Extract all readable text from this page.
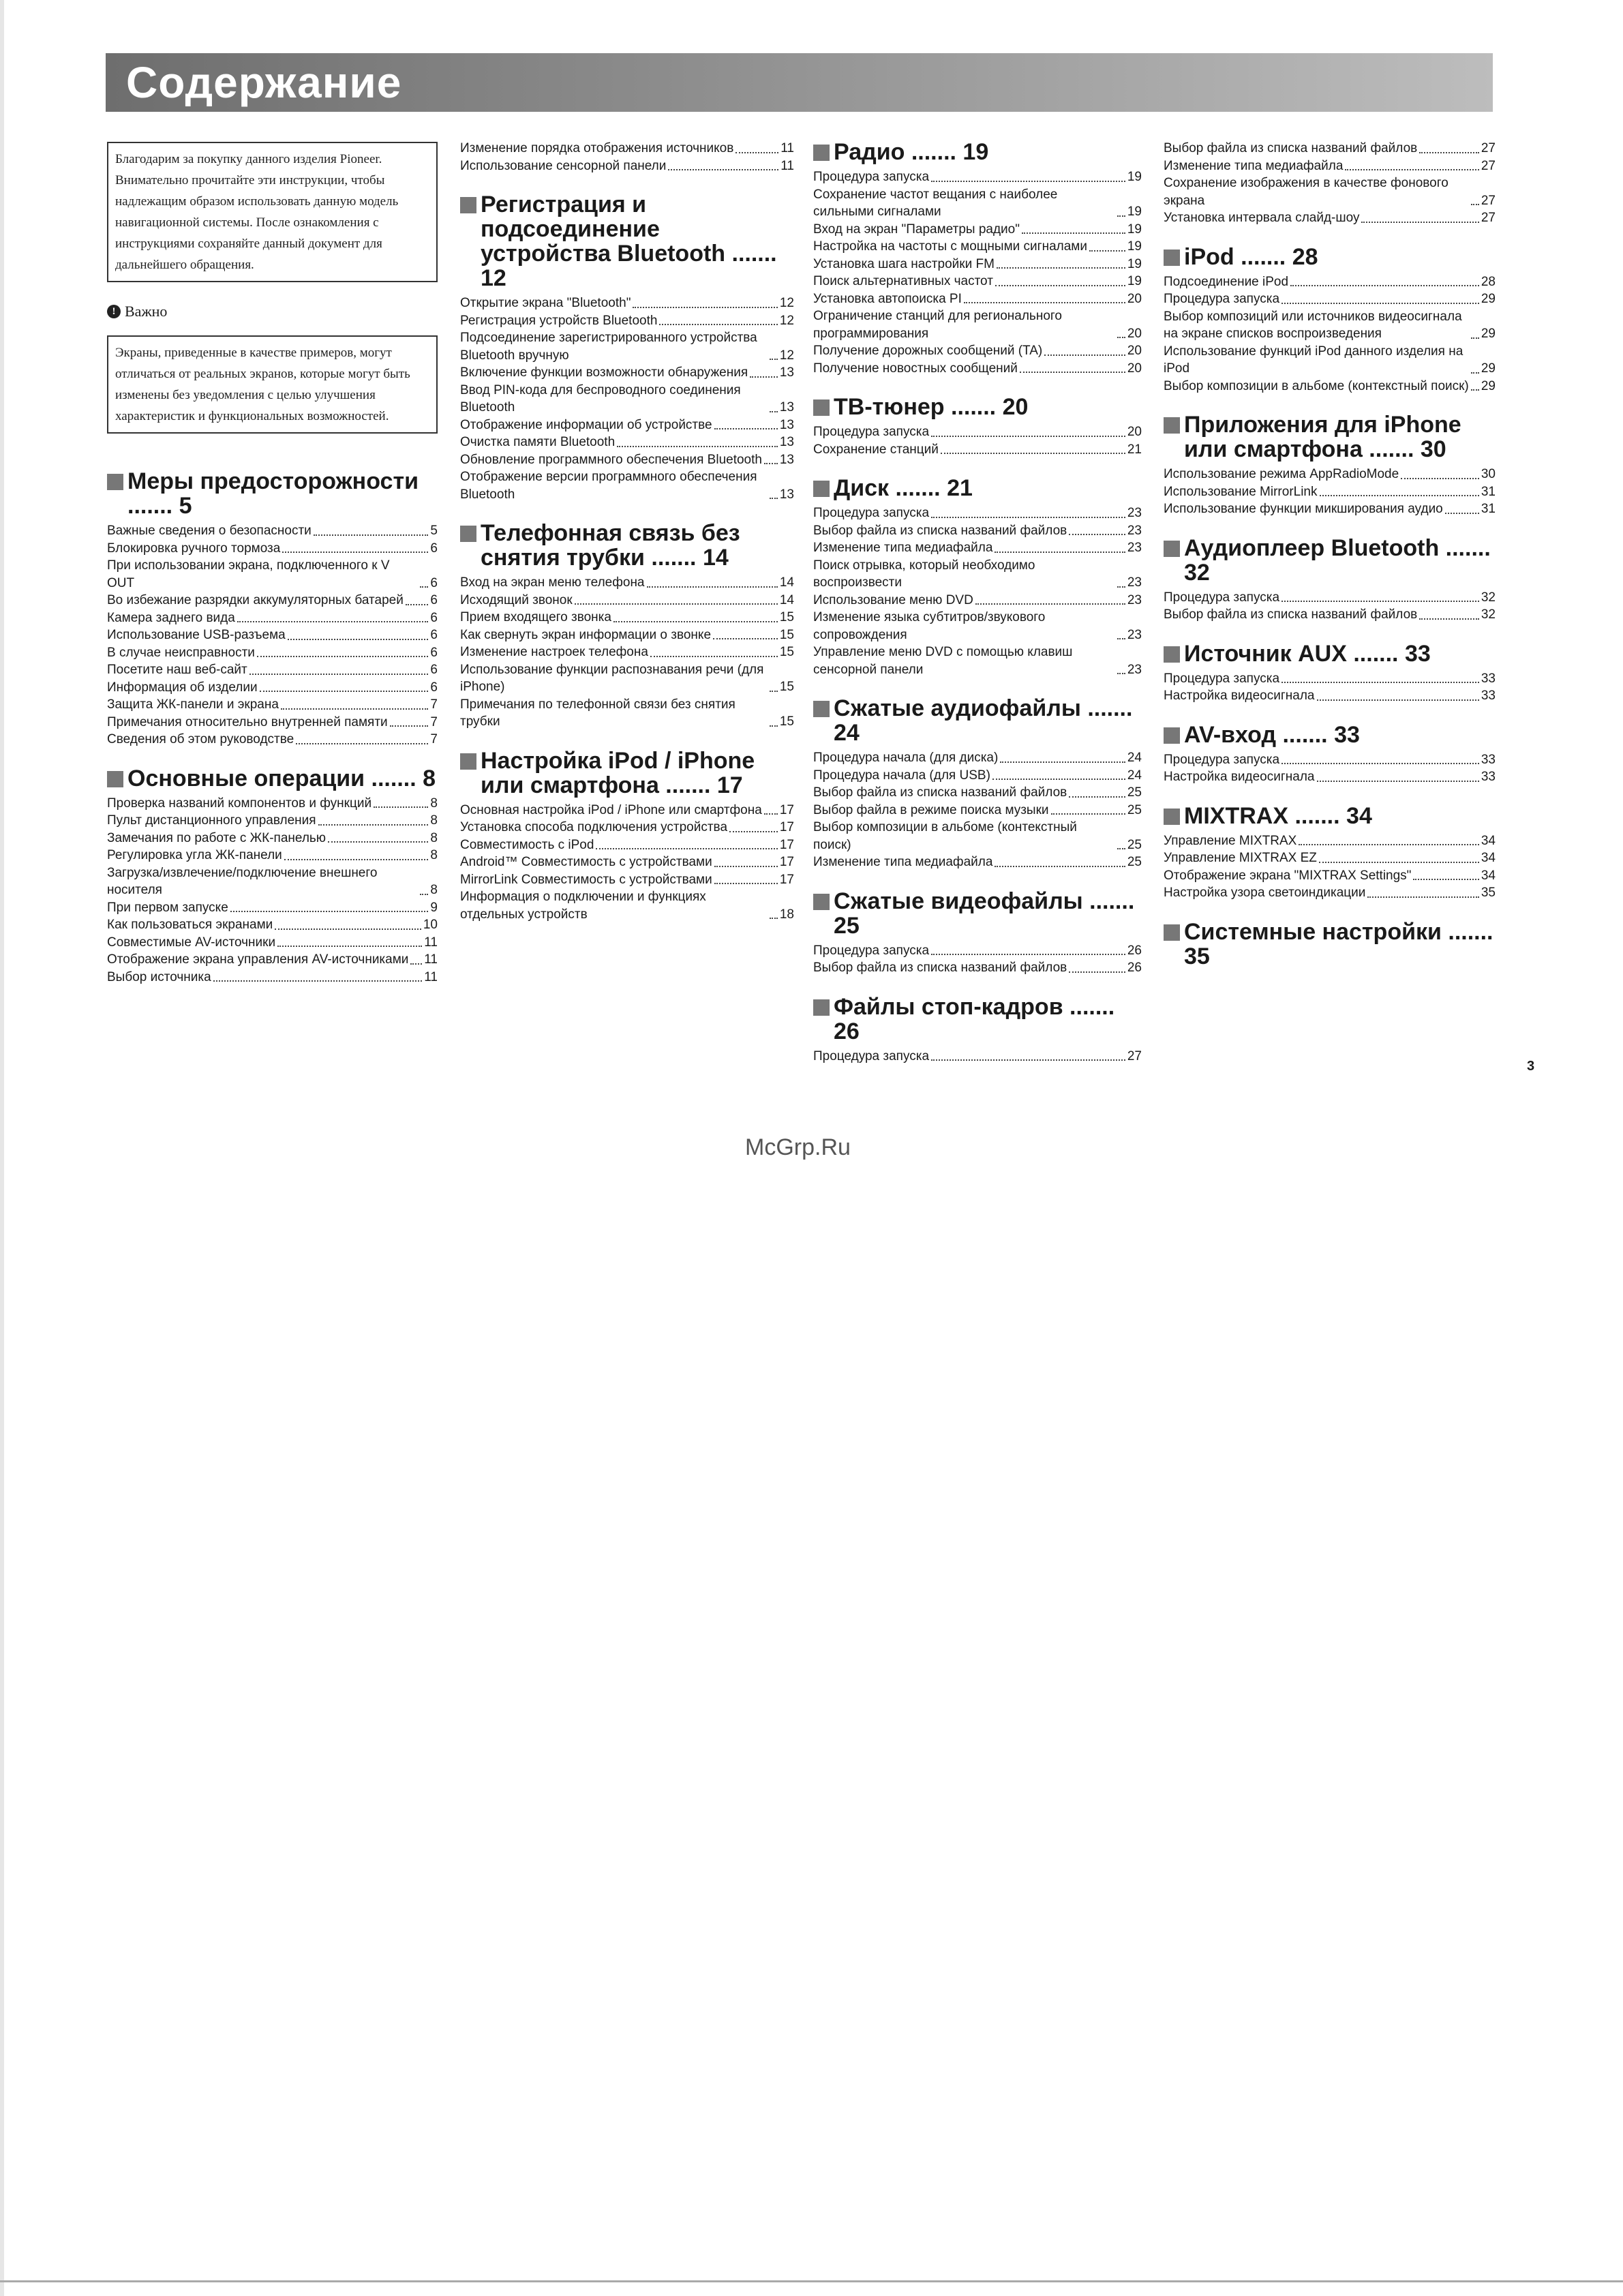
Содержание
Благодарим за покупку данного изделия Pioneer. Внимательно прочитайте эти инструкции, чтобы надлежащим образом использовать данную модель навигационной системы. После ознакомления с инструкциями сохраняйте данный документ для дальнейшего обращения.
! Важно
Экраны, приведенные в качестве примеров, могут отличаться от реальных экранов, которые могут быть изменены без уведомления с целью улучшения характеристик и функциональных возможностей.
Меры предосторожности ....... 5
Важные сведения о безопасности	5
Блокировка ручного тормоза	6
При использовании экрана, подключенного к V OUT	6
Во избежание разрядки аккумуляторных батарей 6
Камера заднего вида	6
Использование USB-разъема	6
В случае неисправности	6
Посетите наш веб-сайт	6
Информация об изделии	6
Защита ЖК-панели и экрана	7
Примечания относительно внутренней памяти	7
Сведения об этом руководстве	7
Основные операции ....... 8
Проверка названий компонентов и функций	8
Пульт дистанционного управления	8
Замечания по работе с ЖК-панелью	8
Регулировка угла ЖК-панели	8
Загрузка/извлечение/подключение внешнего носителя	8
При первом запуске	9
Как пользоваться экранами	10
Совместимые AV-источники	11
Отображение экрана управления AV-источниками 11
Выбор источника	11
Изменение порядка отображения источников	11
Использование сенсорной панели	11
Регистрация и подсоединение устройства Bluetooth ....... 12
Открытие экрана "Bluetooth"	12
Регистрация устройств Bluetooth	12
Подсоединение зарегистрированного устройства Bluetooth вручную	12
Включение функции возможности обнаружения 13
Ввод PIN-кода для беспроводного соединения Bluetooth	13
Отображение информации об устройстве	13
Очистка памяти Bluetooth	13
Обновление программного обеспечения Bluetooth 13
Отображение версии программного обеспечения Bluetooth	13
Телефонная связь без снятия трубки ....... 14
Вход на экран меню телефона	14
Исходящий звонок	14
Прием входящего звонка	15
Как свернуть экран информации о звонке	15
Изменение настроек телефона	15
Использование функции распознавания речи (для iPhone)	15
Примечания по телефонной связи без снятия трубки	15
Настройка iPod / iPhone или смартфона ....... 17
Основная настройка iPod / iPhone или смартфона 17
Установка способа подключения устройства	17
Совместимость с iPod	17
Android™ Совместимость с устройствами	17
MirrorLink Совместимость с устройствами	17
Информация о подключении и функциях отдельных устройств	18
Радио ....... 19
Процедура запуска	19
Сохранение частот вещания с наиболее сильными сигналами	19
Вход на экран "Параметры радио"	19
Настройка на частоты с мощными сигналами	19
Установка шага настройки FM	19
Поиск альтернативных частот	19
Установка автопоиска PI	20
Ограничение станций для регионального программирования	20
Получение дорожных сообщений (TA)	20
Получение новостных сообщений	20
ТВ-тюнер ....... 20
Процедура запуска	20
Сохранение станций	21
Диск ....... 21
Процедура запуска	23
Выбор файла из списка названий файлов	23
Изменение типа медиафайла	23
Поиск отрывка, который необходимо воспроизвести	23
Использование меню DVD	23
Изменение языка субтитров/звукового сопровождения	23
Управление меню DVD с помощью клавиш сенсорной панели	23
Сжатые аудиофайлы ....... 24
Процедура начала (для диска)	24
Процедура начала (для USB)	24
Выбор файла из списка названий файлов	25
Выбор файла в режиме поиска музыки	25
Выбор композиции в альбоме (контекстный поиск)	25
Изменение типа медиафайла	25
Сжатые видеофайлы ....... 25
Процедура запуска	26
Выбор файла из списка названий файлов	26
Файлы стоп-кадров ....... 26
Процедура запуска	27
Выбор файла из списка названий файлов	27
Изменение типа медиафайла	27
Сохранение изображения в качестве фонового экрана	27
Установка интервала слайд-шоу	27
iPod ....... 28
Подсоединение iPod	28
Процедура запуска	29
Выбор композиций или источников видеосигнала на экране списков воспроизведения	29
Использование функций iPod данного изделия на iPod	29
Выбор композиции в альбоме (контекстный поиск) 29
Приложения для iPhone или смартфона ....... 30
Использование режима AppRadioMode	30
Использование MirrorLink	31
Использование функции микширования аудио	31
Аудиоплеер Bluetooth ....... 32
Процедура запуска	32
Выбор файла из списка названий файлов	32
Источник AUX ....... 33
Процедура запуска	33
Настройка видеосигнала	33
AV-вход ....... 33
Процедура запуска	33
Настройка видеосигнала	33
MIXTRAX ....... 34
Управление MIXTRAX	34
Управление MIXTRAX EZ	34
Отображение экрана "MIXTRAX Settings"	34
Настройка узора светоиндикации	35
Системные настройки ....... 35
3
McGrp.Ru
